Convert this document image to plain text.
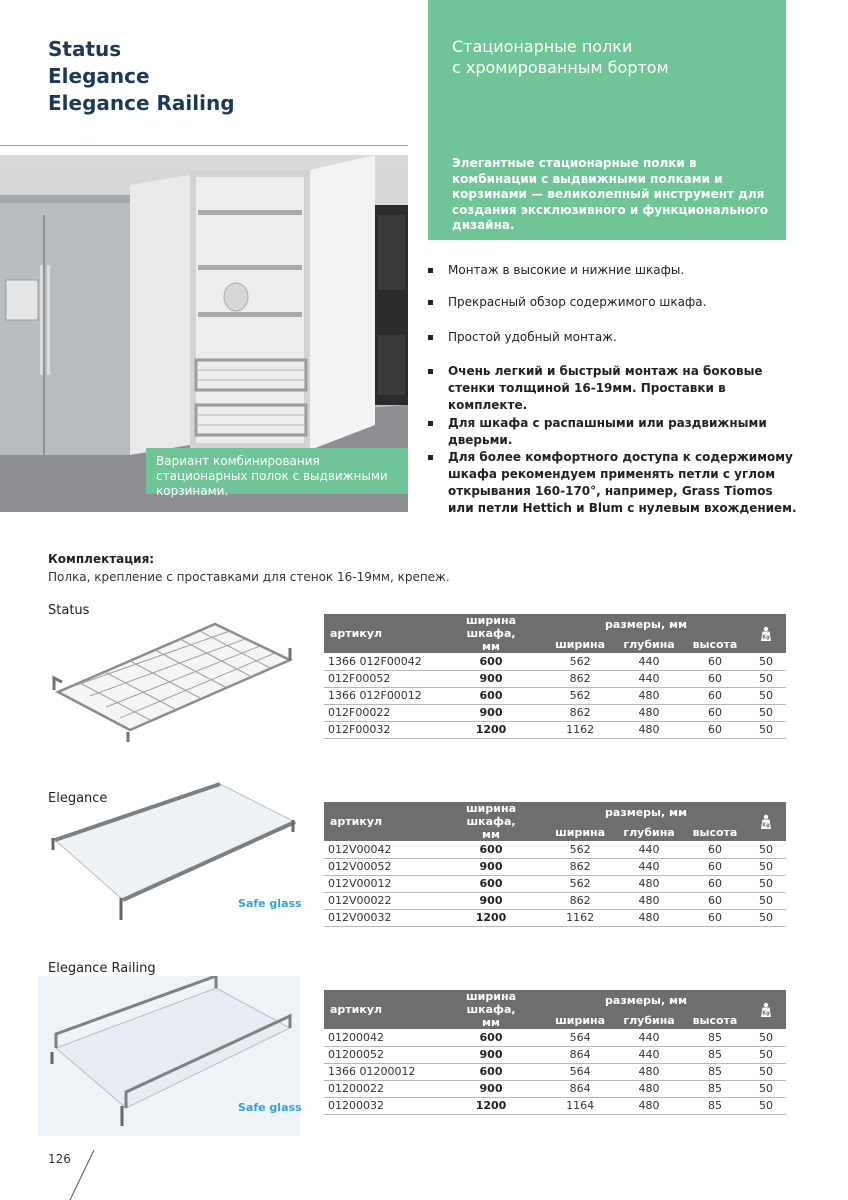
Status
Elegance
Elegance Railing
Стационарные полки
с хромированным бортом
Элегантные стационарные полки в комбинации с выдвижными полками и корзинами — великолепный инструмент для создания эксклюзивного и функционального дизайна.
Вариант комбинирования стационарных полок с выдвижными корзинами.
Монтаж в высокие и нижние шкафы.
Прекрасный обзор содержимого шкафа.
Простой удобный монтаж.
Очень легкий и быстрый монтаж на боковые стенки толщиной 16-19мм. Проставки в комплекте.
Для шкафа с распашными или раздвижными дверьми.
Для более комфортного доступа к содержимому шкафа рекомендуем применять петли с углом открывания 160-170°, например, Grass Tiomos или петли Hettich и Blum с нулевым вхождением.
Комплектация:
Полка, крепление с проставками для стенок 16-19мм, крепеж.
Status
артикул	ширина шкафа,
мм	размеры, мм			Kg

		ширина	глубина	высота	
1366 012F00042	600	562	440	60	50
012F00052	900	862	440	60	50
1366 012F00012	600	562	480	60	50
012F00022	900	862	480	60	50
012F00032	1200	1162	480	60	50
Elegance
Safe glass
артикул	ширина шкафа,
мм	размеры, мм			Kg

		ширина	глубина	высота	
012V00042	600	562	440	60	50
012V00052	900	862	440	60	50
012V00012	600	562	480	60	50
012V00022	900	862	480	60	50
012V00032	1200	1162	480	60	50
Elegance Railing
Safe glass
артикул	ширина шкафа,
мм	размеры, мм			Kg

		ширина	глубина	высота	
01200042	600	564	440	85	50
01200052	900	864	440	85	50
1366 01200012	600	564	480	85	50
01200022	900	864	480	85	50
01200032	1200	1164	480	85	50
126
